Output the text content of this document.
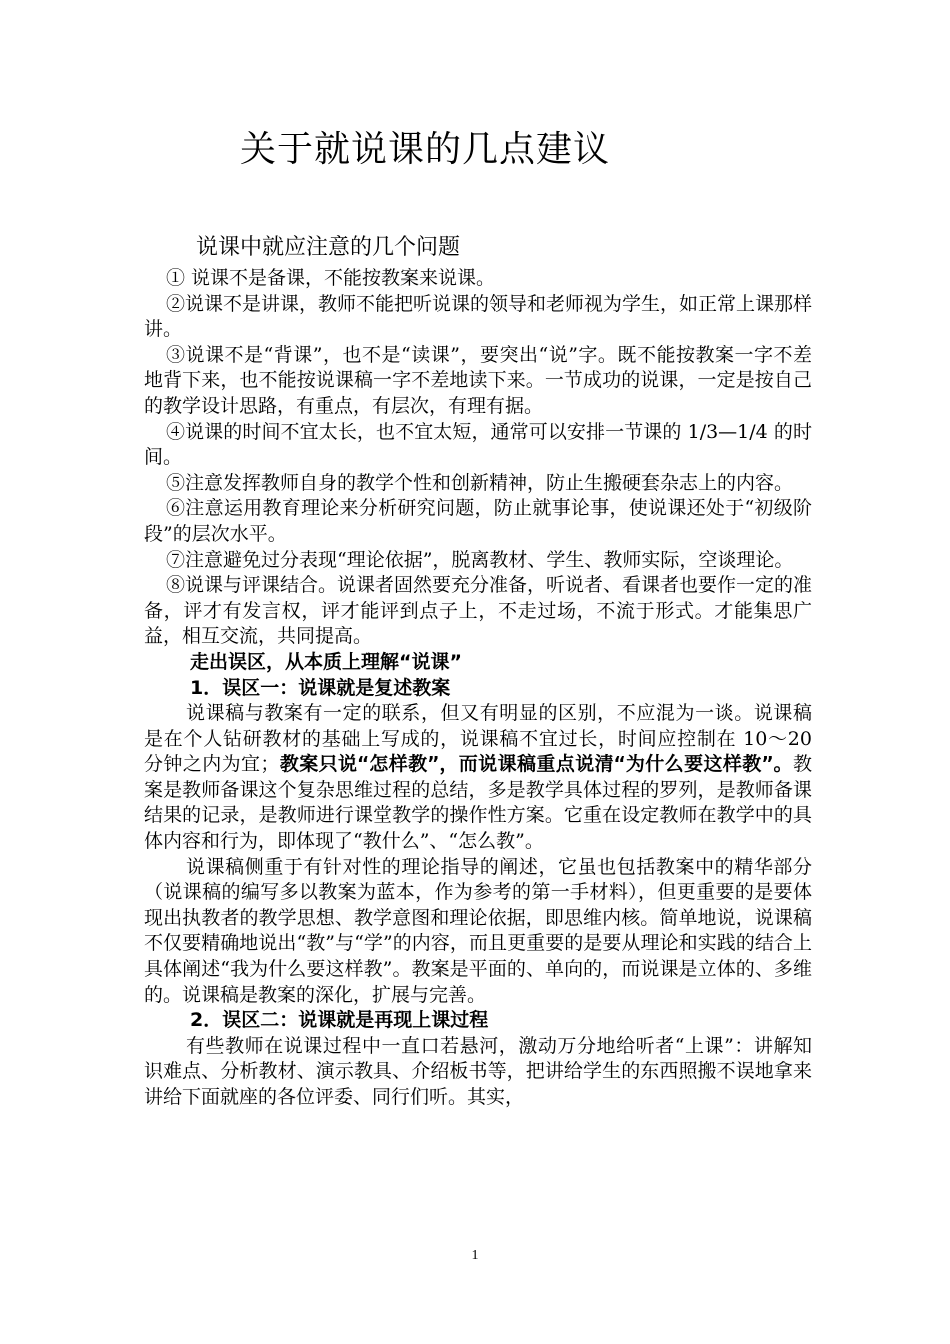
关于就说课的几点建议
说课中就应注意的几个问题

① 说课不是备课，不能按教案来说课。

②说课不是讲课，教师不能把听说课的领导和老师视为学生，如正常上课那样讲。

③说课不是“背课”，也不是“读课”，要突出“说”字。既不能按教案一字不差地背下来，也不能按说课稿一字不差地读下来。一节成功的说课，一定是按自己的教学设计思路，有重点，有层次，有理有据。

④说课的时间不宜太长，也不宜太短，通常可以安排一节课的 1/3—1/4 的时间。

⑤注意发挥教师自身的教学个性和创新精神，防止生搬硬套杂志上的内容。

⑥注意运用教育理论来分析研究问题，防止就事论事，使说课还处于“初级阶段”的层次水平。

⑦注意避免过分表现“理论依据”，脱离教材、学生、教师实际，空谈理论。

⑧说课与评课结合。说课者固然要充分准备，听说者、看课者也要作一定的准备，评才有发言权，评才能评到点子上，不走过场，不流于形式。才能集思广益，相互交流，共同提高。

走出误区，从本质上理解“说课”

1．误区一：说课就是复述教案

说课稿与教案有一定的联系，但又有明显的区别，不应混为一谈。说课稿是在个人钻研教材的基础上写成的，说课稿不宜过长，时间应控制在 10～20 分钟之内为宜；教案只说“怎样教”，而说课稿重点说清“为什么要这样教”。教案是教师备课这个复杂思维过程的总结，多是教学具体过程的罗列，是教师备课结果的记录，是教师进行课堂教学的操作性方案。它重在设定教师在教学中的具体内容和行为，即体现了“教什么”、“怎么教”。

说课稿侧重于有针对性的理论指导的阐述，它虽也包括教案中的精华部分（说课稿的编写多以教案为蓝本，作为参考的第一手材料），但更重要的是要体现出执教者的教学思想、教学意图和理论依据，即思维内核。简单地说，说课稿不仅要精确地说出“教”与“学”的内容，而且更重要的是要从理论和实践的结合上具体阐述“我为什么要这样教”。教案是平面的、单向的，而说课是立体的、多维的。说课稿是教案的深化，扩展与完善。

2．误区二：说课就是再现上课过程

有些教师在说课过程中一直口若悬河，激动万分地给听者“上课”：讲解知识难点、分析教材、演示教具、介绍板书等，把讲给学生的东西照搬不误地拿来讲给下面就座的各位评委、同行们听。其实，

1
